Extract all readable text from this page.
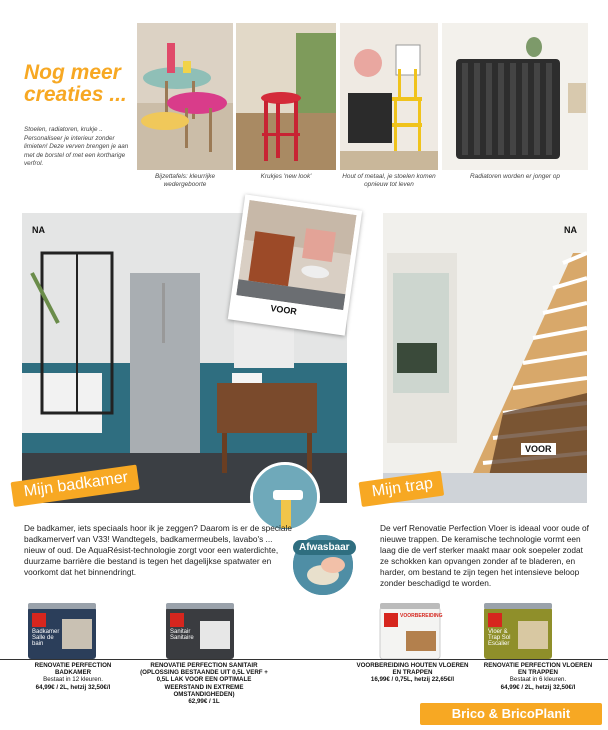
Nog meer
creaties ...
Stoelen, radiatoren, krukje .. Personaliseer je interieur zonder limieten! Deze verven brengen je aan met de borstel of met een kortharige verfrol.
Bijzettafels: kleurrijke wedergeboorte
Krukjes 'new look'	Hout of metaal, je stoelen komen opnieuw tot leven
Radiatoren worden er jonger op
NA
VOOR
NA
VOOR
Afwasbaar
Mijn badkamer	Mijn trap
De badkamer, iets speciaals hoor ik je zeggen? Daarom is er de speciale badkamerverf van V33! Wandtegels, badkamermeubels, lavabo's ... nieuw of oud. De AquaRésist-technologie zorgt voor een waterdichte, duurzame barrière die bestand is tegen het dagelijkse spatwater en voorkomt dat het binnendringt.
De verf Renovatie Perfection Vloer is ideaal voor oude of nieuwe trappen. De keramische technologie vormt een laag die de verf sterker maakt maar ook soepeler zodat ze schokken kan opvangen zonder af te bladeren, en harder, om bestand te zijn tegen het intensieve beloop zonder beschadigd te worden.
Badkamer Salle de bain
Sanitair Sanitaire
VOORBEREIDING
Vloer & Trap Sol Escalier
RENOVATIE PERFECTION BADKAMER
Bestaat in 12 kleuren.

64,99€ / 2L, hetzij 32,50€/l
RENOVATIE PERFECTION SANITAIR (OPLOSSING BESTAANDE UIT 0,5L VERF + 0,5L LAK VOOR EEN OPTIMALE WEERSTAND IN EXTREME OMSTANDIGHEDEN)
62,99€ / 1L
VOORBEREIDING HOUTEN VLOEREN EN TRAPPEN
16,99€ / 0,75L, hetzij 22,65€/l
RENOVATIE PERFECTION VLOEREN EN TRAPPEN
Bestaat in 6 kleuren.

64,99€ / 2L, hetzij 32,50€/l
Brico & BricoPlanit
